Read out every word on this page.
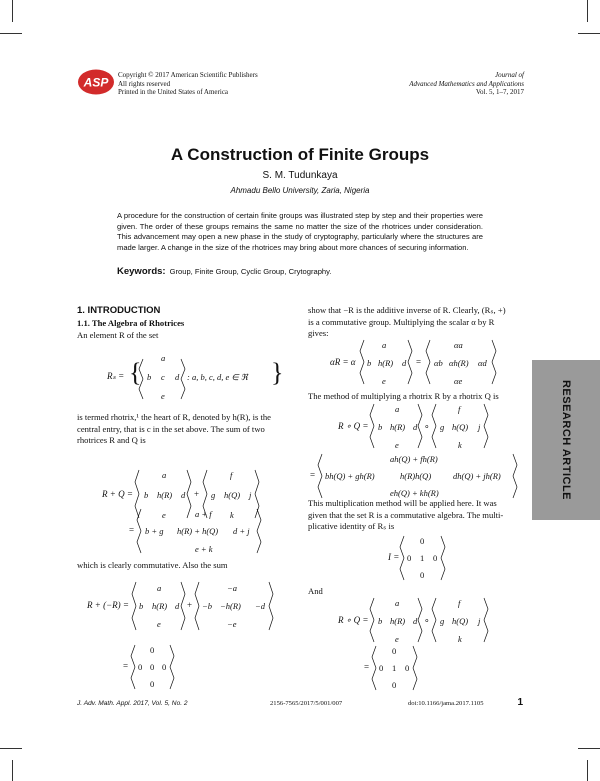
ASP
Copyright © 2017 American Scientific Publishers
All rights reserved
Printed in the United States of America
Journal of
Advanced Mathematics and Applications
Vol. 5, 1–7, 2017
A Construction of Finite Groups
S. M. Tudunkaya
Ahmadu Bello University, Zaria, Nigeria
A procedure for the construction of certain finite groups was illustrated step by step and their properties were given. The order of these groups remains the same no matter the size of the rhotrices under consideration. This advancement may open a new phase in the study of cryptography, particularly where the structures are made larger. A change in the size of the rhotrices may bring about more chances of securing information.
Keywords: Group, Finite Group, Cyclic Group, Crytography.
1. INTRODUCTION
1.1. The Algebra of Rhotrices
An element R of the set
Rₛ = { a
b c d
e
: a, b, c, d, e ∈ ℜ }
is termed rhotrix,¹ the heart of R, denoted by h(R), is the
central entry, that is c in the set above. The sum of two
rhotrices R and Q is
R + Q =
a
b h(R) d
e
+
f
g h(Q) j
k
=
a + f
b + g h(R) + h(Q) d + j
e + k
which is clearly commutative. Also the sum
R + (−R) =
a
b h(R) d
e
+
−a
−b −h(R) −d
−e
=
0
0 0 0
0
show that −R is the additive inverse of R. Clearly, (Rₛ, +)
is a commutative group. Multiplying the scalar α by R
gives:
αR = α
a
b h(R) d
e
=
αa
αb αh(R) αd
αe
The method of multiplying a rhotrix R by a rhotrix Q is
R ∘ Q =
a
b h(R) d
e
∘
f
g h(Q) j
k
=
ah(Q) + fh(R)
bh(Q) + gh(R)	h(R)h(Q)	dh(Q) + jh(R)
eh(Q) + kh(R)
This multiplication method will be applied here. It was
given that the set R is a commutative algebra. The multi-
plicative identity of Rₛ is
I =
0
0 1 0
0
And
R ∘ Q =
a
b h(R) d
e
∘
f
g h(Q) j
k
=
0
0 1 0
0
RESEARCH ARTICLE
J. Adv. Math. Appl. 2017, Vol. 5, No. 2	2156-7565/2017/5/001/007	doi:10.1166/jama.2017.1105	1
